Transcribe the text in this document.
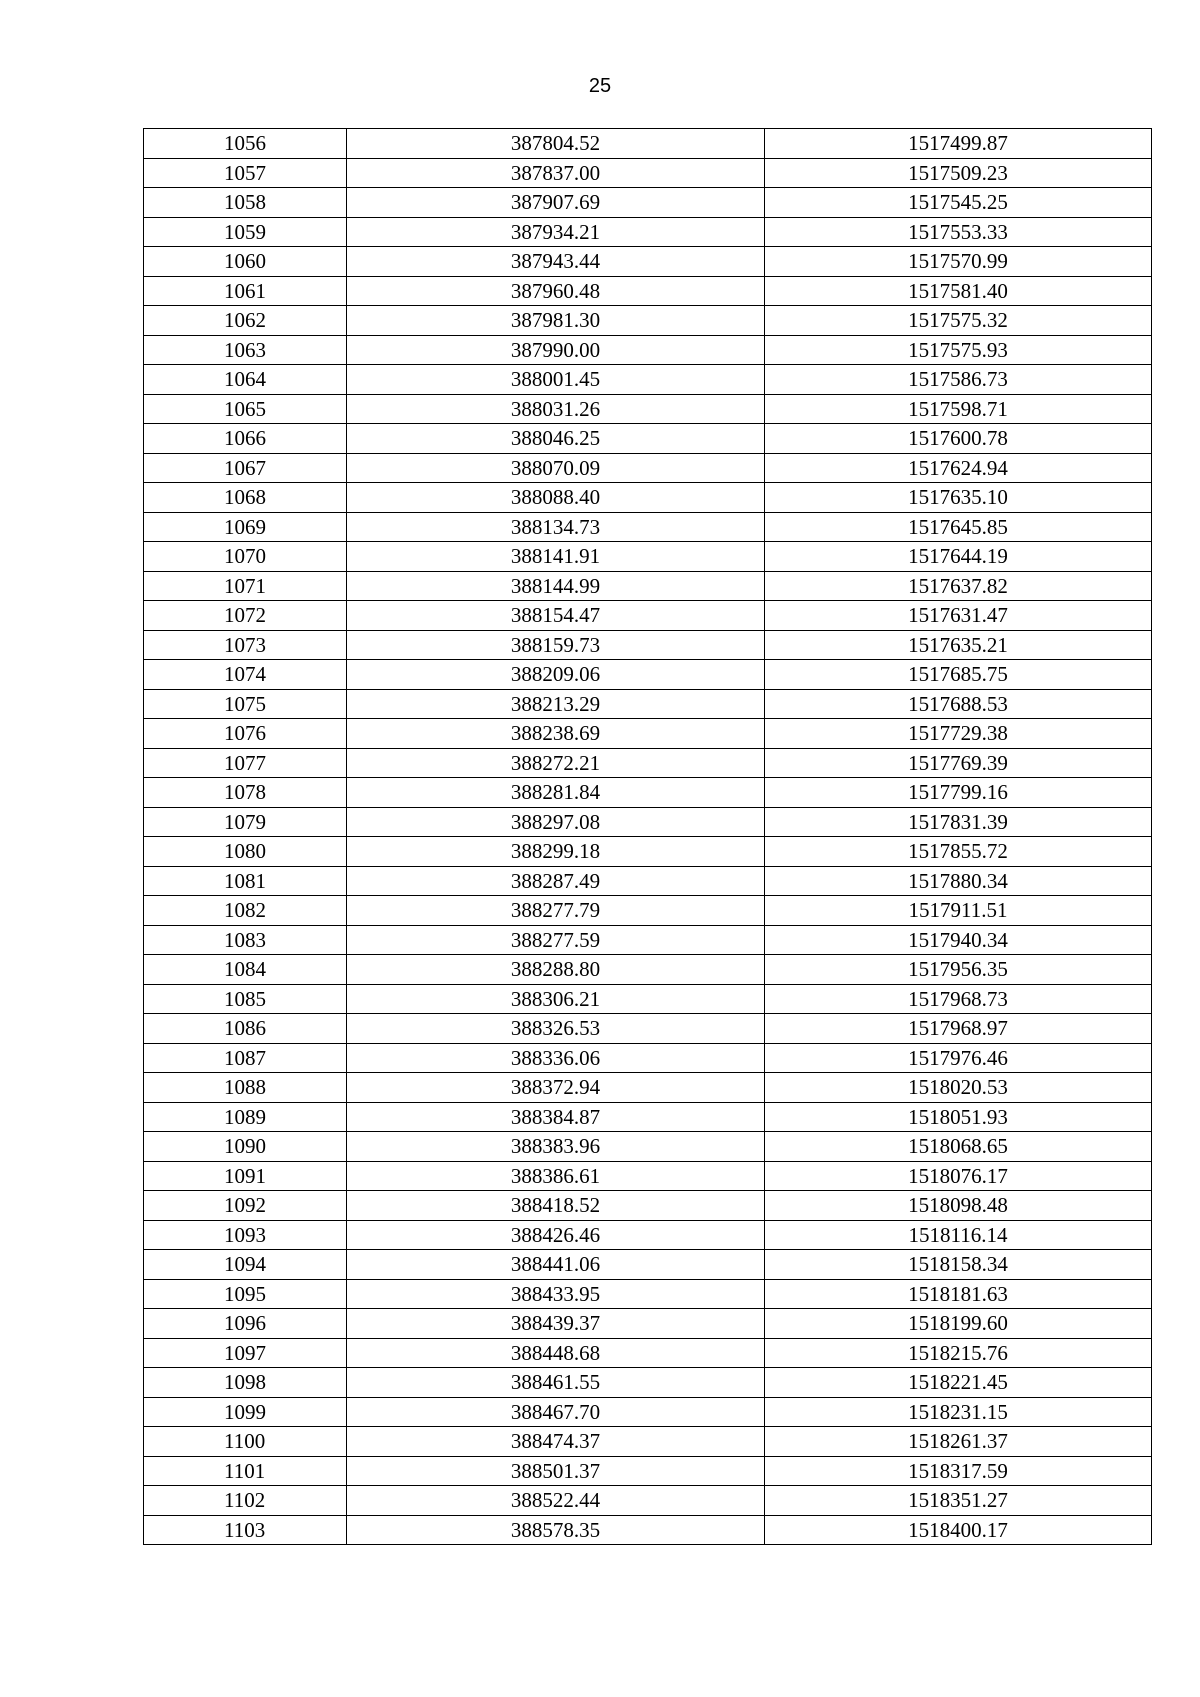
25
1056	387804.52	1517499.87
1057	387837.00	1517509.23
1058	387907.69	1517545.25
1059	387934.21	1517553.33
1060	387943.44	1517570.99
1061	387960.48	1517581.40
1062	387981.30	1517575.32
1063	387990.00	1517575.93
1064	388001.45	1517586.73
1065	388031.26	1517598.71
1066	388046.25	1517600.78
1067	388070.09	1517624.94
1068	388088.40	1517635.10
1069	388134.73	1517645.85
1070	388141.91	1517644.19
1071	388144.99	1517637.82
1072	388154.47	1517631.47
1073	388159.73	1517635.21
1074	388209.06	1517685.75
1075	388213.29	1517688.53
1076	388238.69	1517729.38
1077	388272.21	1517769.39
1078	388281.84	1517799.16
1079	388297.08	1517831.39
1080	388299.18	1517855.72
1081	388287.49	1517880.34
1082	388277.79	1517911.51
1083	388277.59	1517940.34
1084	388288.80	1517956.35
1085	388306.21	1517968.73
1086	388326.53	1517968.97
1087	388336.06	1517976.46
1088	388372.94	1518020.53
1089	388384.87	1518051.93
1090	388383.96	1518068.65
1091	388386.61	1518076.17
1092	388418.52	1518098.48
1093	388426.46	1518116.14
1094	388441.06	1518158.34
1095	388433.95	1518181.63
1096	388439.37	1518199.60
1097	388448.68	1518215.76
1098	388461.55	1518221.45
1099	388467.70	1518231.15
1100	388474.37	1518261.37
1101	388501.37	1518317.59
1102	388522.44	1518351.27
1103	388578.35	1518400.17
